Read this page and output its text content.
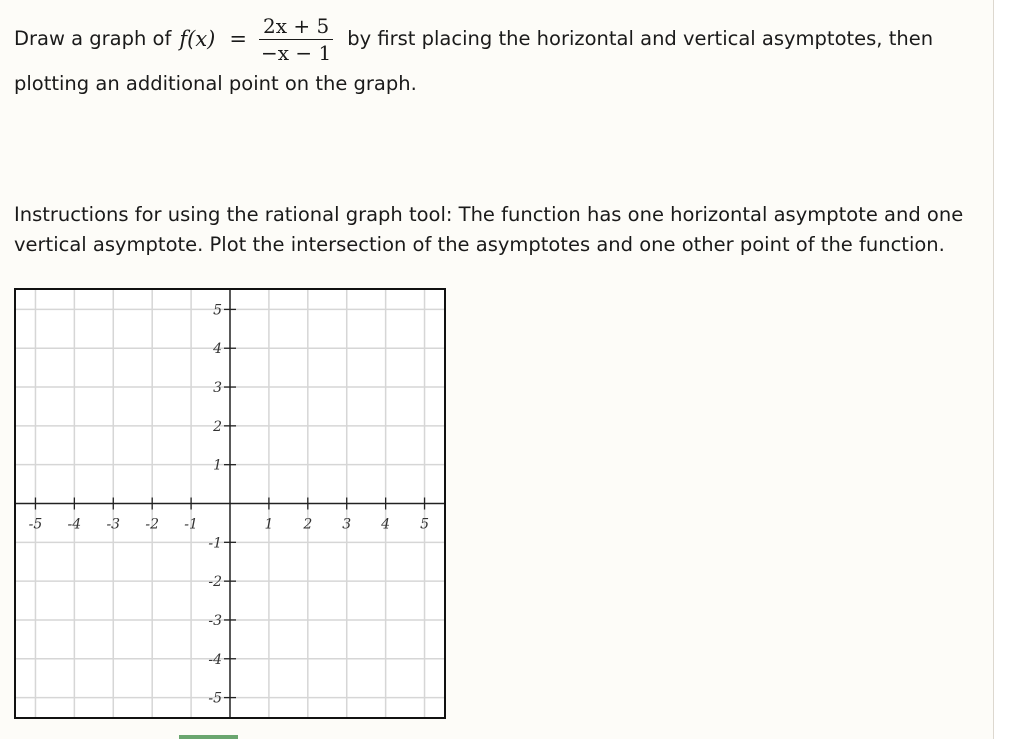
Draw a graph of $f(x) = \frac{2x + 5}{-x - 1}$ by first placing the horizontal and vertical asymptotes, then
plotting an additional point on the graph.
Instructions for using the rational graph tool: The function has one horizontal asymptote and one vertical asymptote. Plot the intersection of the asymptotes and one other point of the function.
-5 -4 -3 -2 -1	1 2 3 4 5
5
4
3
2
1
-1
-2
-3
-4
-5
